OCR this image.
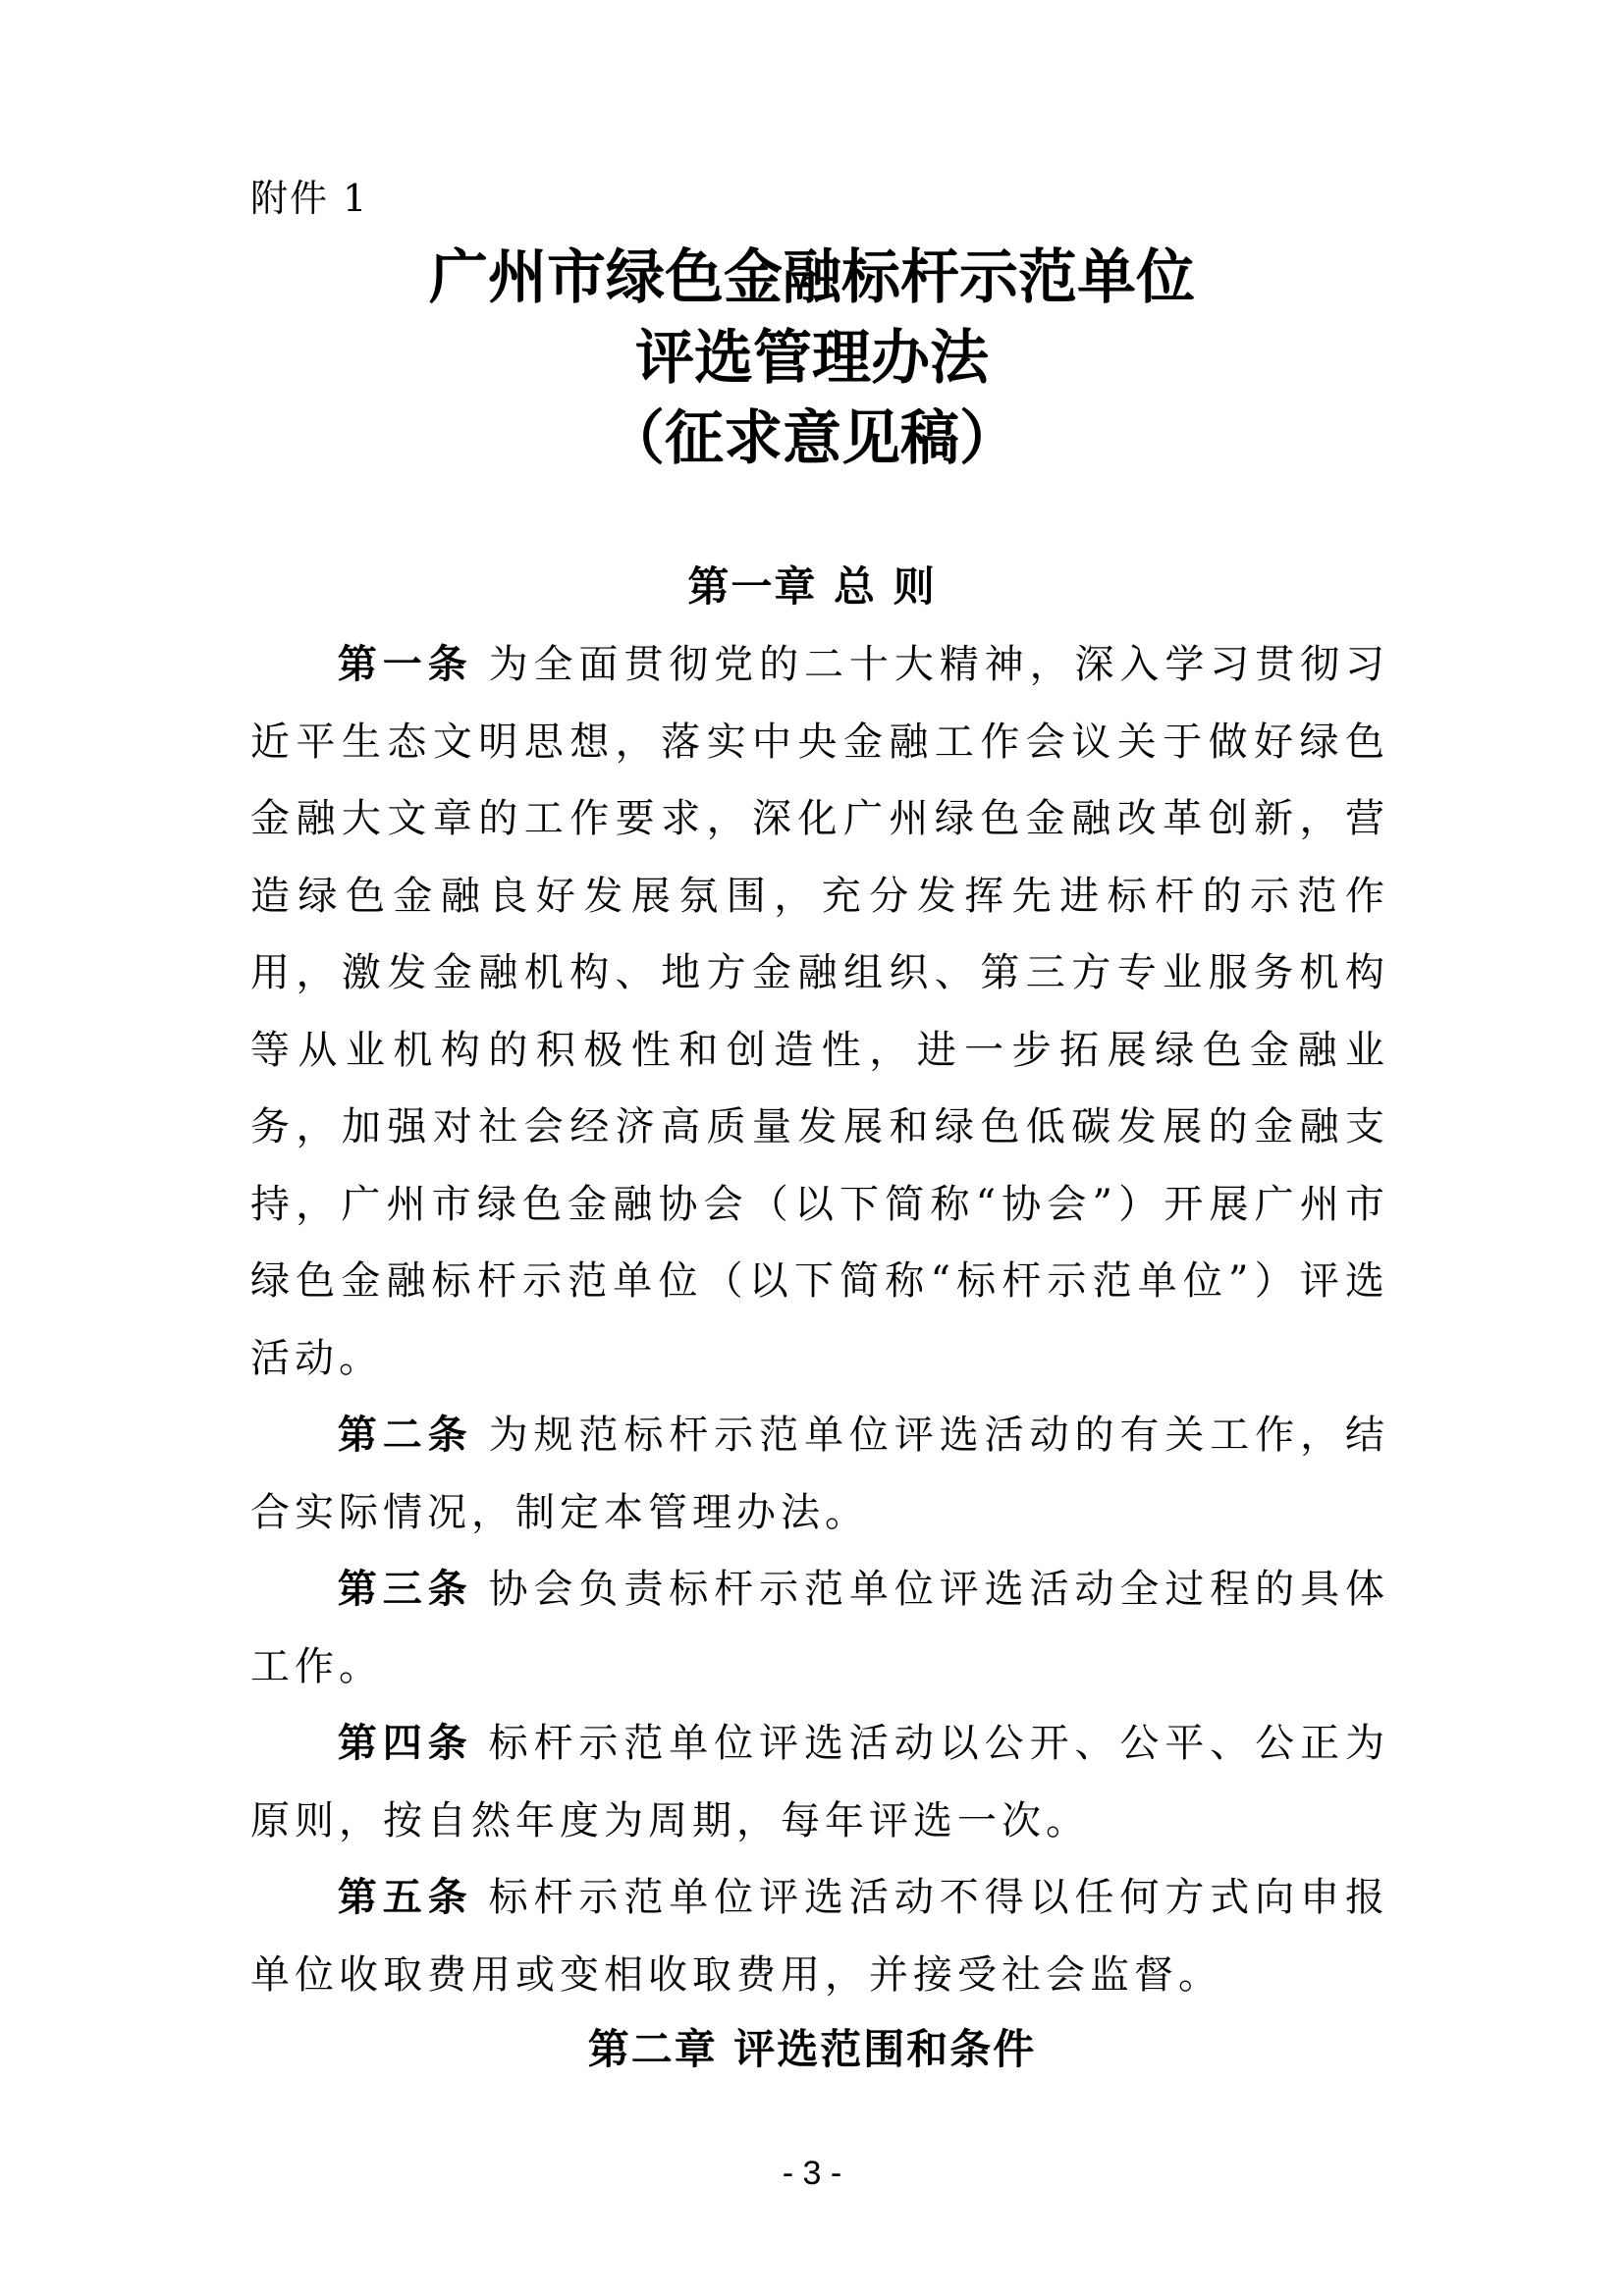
附件 1
广州市绿色金融标杆示范单位
评选管理办法
（征求意见稿）
第一章 总 则

第一条 为全面贯彻党的二十大精神，深入学习贯彻习近平生态文明思想，落实中央金融工作会议关于做好绿色金融大文章的工作要求，深化广州绿色金融改革创新，营造绿色金融良好发展氛围，充分发挥先进标杆的示范作用，激发金融机构、地方金融组织、第三方专业服务机构等从业机构的积极性和创造性，进一步拓展绿色金融业务，加强对社会经济高质量发展和绿色低碳发展的金融支持，广州市绿色金融协会（以下简称“协会”）开展广州市绿色金融标杆示范单位（以下简称“标杆示范单位”）评选活动。

第二条 为规范标杆示范单位评选活动的有关工作，结合实际情况，制定本管理办法。

第三条 协会负责标杆示范单位评选活动全过程的具体工作。

第四条 标杆示范单位评选活动以公开、公平、公正为原则，按自然年度为周期，每年评选一次。

第五条 标杆示范单位评选活动不得以任何方式向申报单位收取费用或变相收取费用，并接受社会监督。

第二章 评选范围和条件
- 3 -
